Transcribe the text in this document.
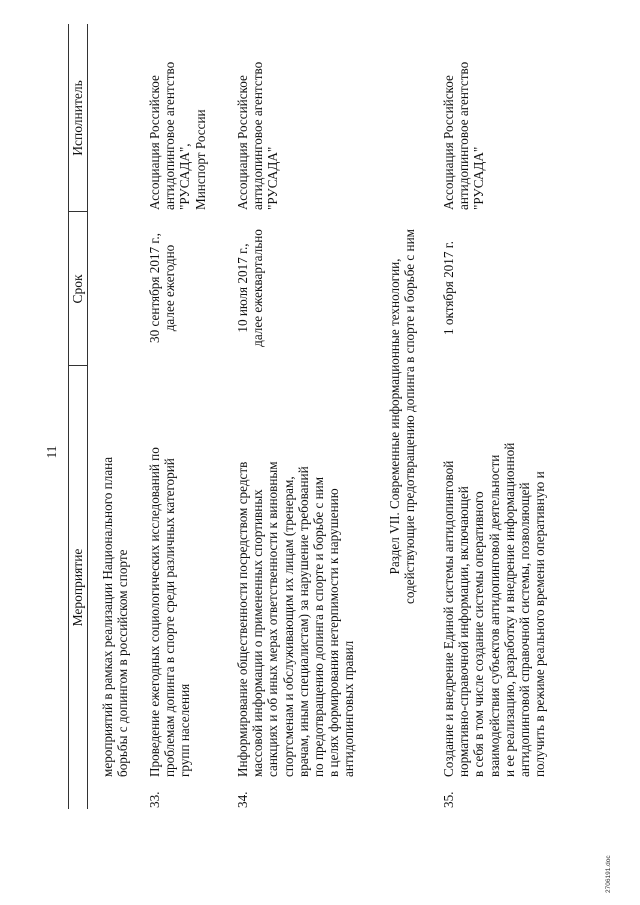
11
Мероприятие
Срок
Исполнитель
мероприятий в рамках реализации Национального плана борьбы с допингом в российском спорте
33.
Проведение ежегодных социологических исследований по проблемам допинга в спорте среди различных категорий групп населения
30 сентября 2017 г., далее ежегодно
Ассоциация Российское антидопинговое агентство "РУСАДА", Минспорт России
34.
Информирование общественности посредством средств массовой информации о примененных спортивных санкциях и об иных мерах ответственности к виновным спортсменам и обслуживающим их лицам (тренерам, врачам, иным специалистам) за нарушение требований по предотвращению допинга в спорте и борьбе с ним в целях формирования нетерпимости к нарушению антидопинговых правил
10 июля 2017 г., далее ежеквартально
Ассоциация Российское антидопинговое агентство "РУСАДА"
Раздел VII. Современные информационные технологии, содействующие предотвращению допинга в спорте и борьбе с ним
35.
Создание и внедрение Единой системы антидопинговой нормативно-справочной информации, включающей в себя в том числе создание системы оперативного взаимодействия субъектов антидопинговой деятельности и ее реализацию, разработку и внедрение информационной антидопинговой справочной системы, позволяющей получить в режиме реального времени оперативную и
1 октября 2017 г.
Ассоциация Российское антидопинговое агентство "РУСАДА"
2706191.doc
